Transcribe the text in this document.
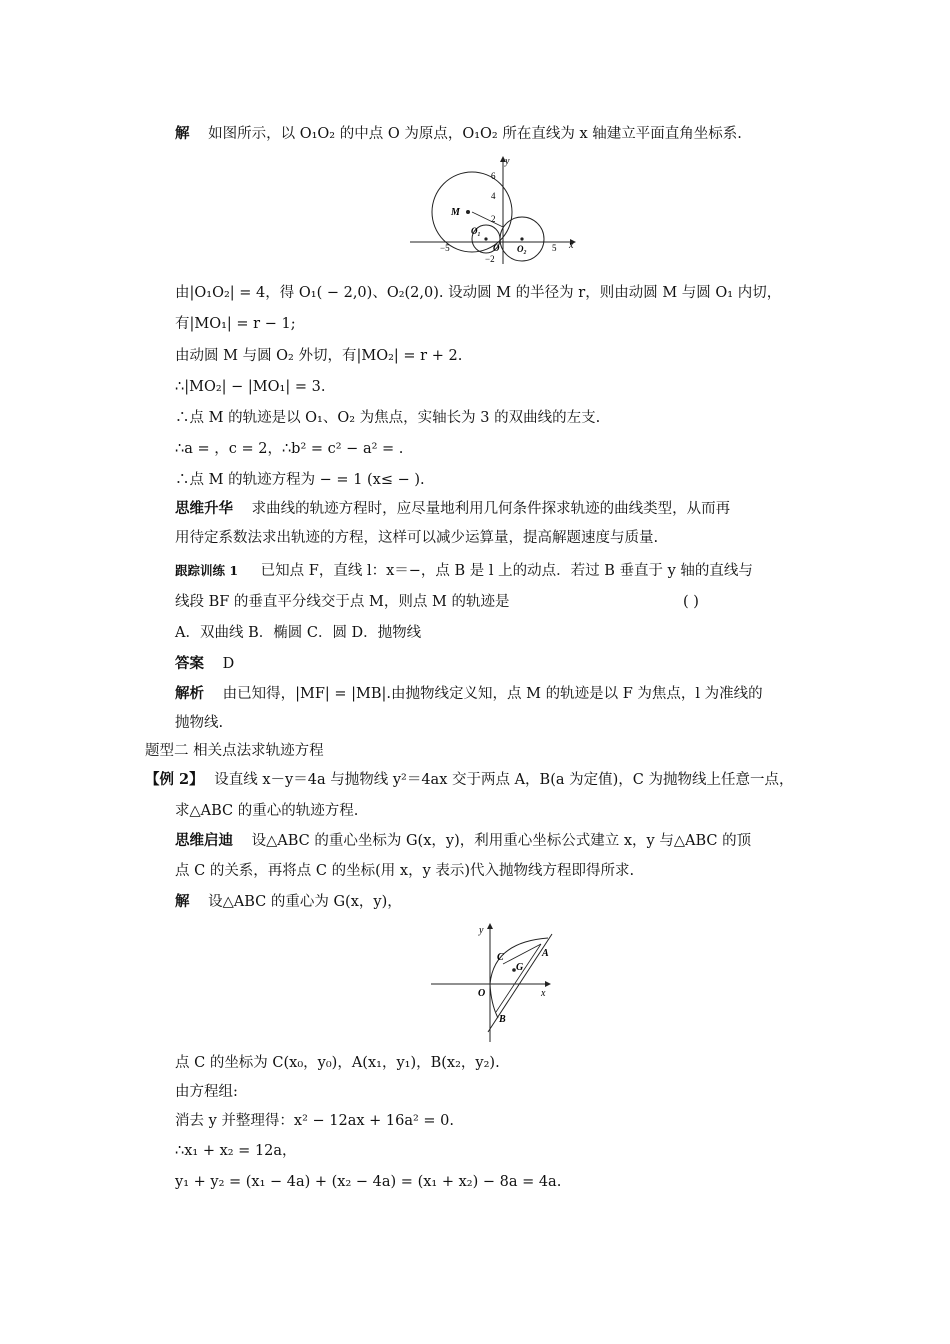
解 如图所示，以 O₁O₂ 的中点 O 为原点，O₁O₂ 所在直线为 x 轴建立平面直角坐标系.
y
x
6
4
2
−2
−5	5
M
O₁
O O₂
由|O₁O₂| = 4，得 O₁( − 2,0)、O₂(2,0). 设动圆 M 的半径为 r，则由动圆 M 与圆 O₁ 内切，
有|MO₁| = r − 1;
由动圆 M 与圆 O₂ 外切，有|MO₂| = r + 2.
∴|MO₂| − |MO₁| = 3.
∴点 M 的轨迹是以 O₁、O₂ 为焦点，实轴长为 3 的双曲线的左支.
∴a = ，c = 2，∴b² = c² − a² = .
∴点 M 的轨迹方程为 − = 1 (x≤ − ).
思维升华 求曲线的轨迹方程时，应尽量地利用几何条件探求轨迹的曲线类型，从而再
用待定系数法求出轨迹的方程，这样可以减少运算量，提高解题速度与质量.
跟踪训练 1 已知点 F，直线 l：x＝−，点 B 是 l 上的动点．若过 B 垂直于 y 轴的直线与
线段 BF 的垂直平分线交于点 M，则点 M 的轨迹是	( )
A．双曲线 B．椭圆 C．圆 D．抛物线
答案 D
解析 由已知得，|MF| = |MB|.由抛物线定义知，点 M 的轨迹是以 F 为焦点，l 为准线的
抛物线.
题型二 相关点法求轨迹方程
【例 2】 设直线 x－y＝4a 与抛物线 y²＝4ax 交于两点 A，B(a 为定值)，C 为抛物线上任意一点，
求△ABC 的重心的轨迹方程.
思维启迪 设△ABC 的重心坐标为 G(x，y)，利用重心坐标公式建立 x，y 与△ABC 的顶
点 C 的关系，再将点 C 的坐标(用 x，y 表示)代入抛物线方程即得所求.
解 设△ABC 的重心为 G(x，y)，
y
x
A
B
C
G
O
点 C 的坐标为 C(x₀，y₀)，A(x₁，y₁)，B(x₂，y₂).
由方程组:
消去 y 并整理得：x² − 12ax + 16a² = 0.
∴x₁ + x₂ = 12a，
y₁ + y₂ = (x₁ − 4a) + (x₂ − 4a) = (x₁ + x₂) − 8a = 4a.
